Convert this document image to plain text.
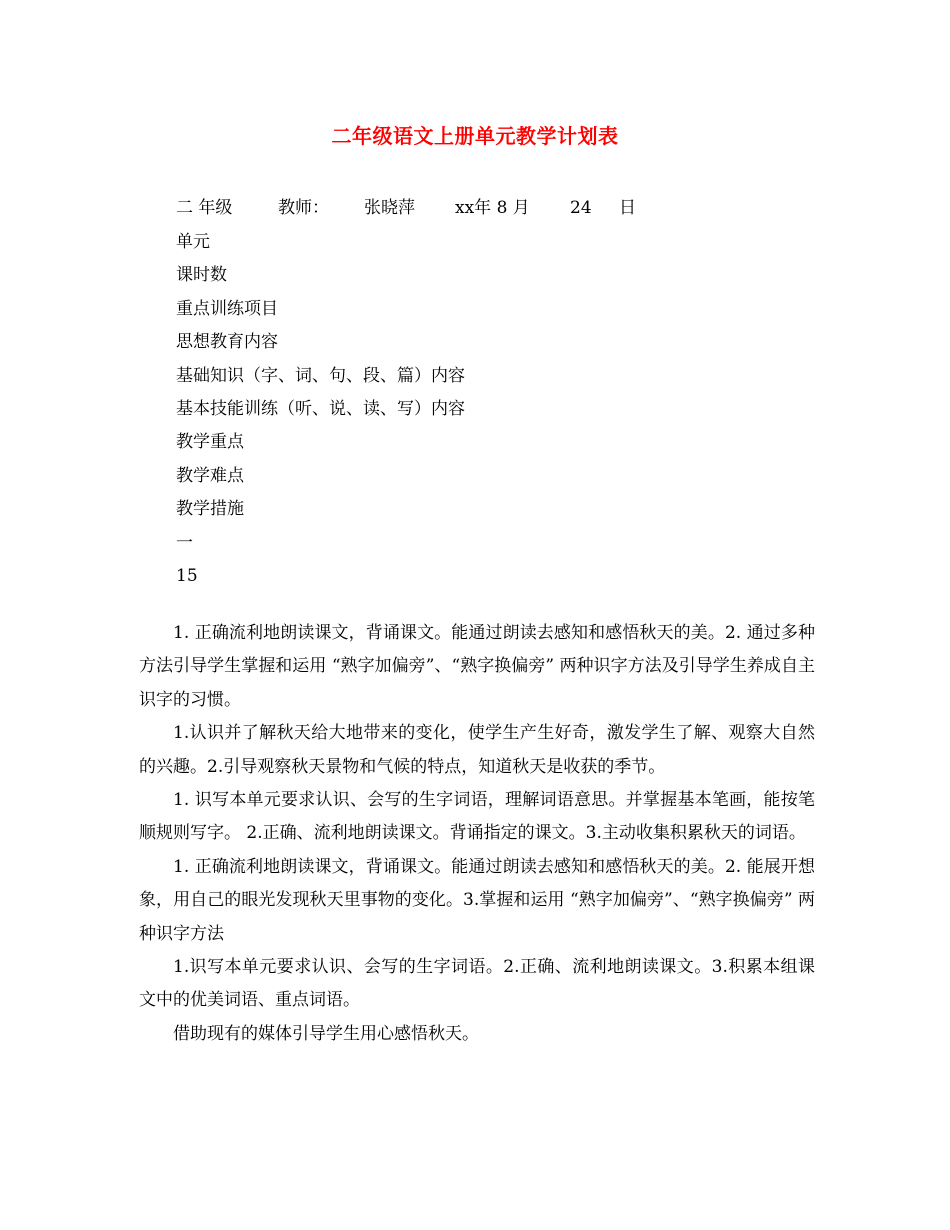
二年级语文上册单元教学计划表
二 年级	教师： 张晓萍 xx年 8 月 24 日
单元
课时数
重点训练项目
思想教育内容
基础知识（字、词、句、段、篇）内容
基本技能训练（听、说、读、写）内容
教学重点
教学难点
教学措施
一
15

1. 正确流利地朗读课文，背诵课文。能通过朗读去感知和感悟秋天的美。2. 通过多种方法引导学生掌握和运用 “熟字加偏旁”、“熟字换偏旁” 两种识字方法及引导学生养成自主识字的习惯。

1.认识并了解秋天给大地带来的变化，使学生产生好奇，激发学生了解、观察大自然的兴趣。2.引导观察秋天景物和气候的特点，知道秋天是收获的季节。

1. 识写本单元要求认识、会写的生字词语，理解词语意思。并掌握基本笔画，能按笔顺规则写字。 2.正确、流利地朗读课文。背诵指定的课文。3.主动收集积累秋天的词语。

1. 正确流利地朗读课文，背诵课文。能通过朗读去感知和感悟秋天的美。2. 能展开想象，用自己的眼光发现秋天里事物的变化。3.掌握和运用 “熟字加偏旁”、“熟字换偏旁” 两种识字方法

1.识写本单元要求认识、会写的生字词语。2.正确、流利地朗读课文。3.积累本组课文中的优美词语、重点词语。

借助现有的媒体引导学生用心感悟秋天。
